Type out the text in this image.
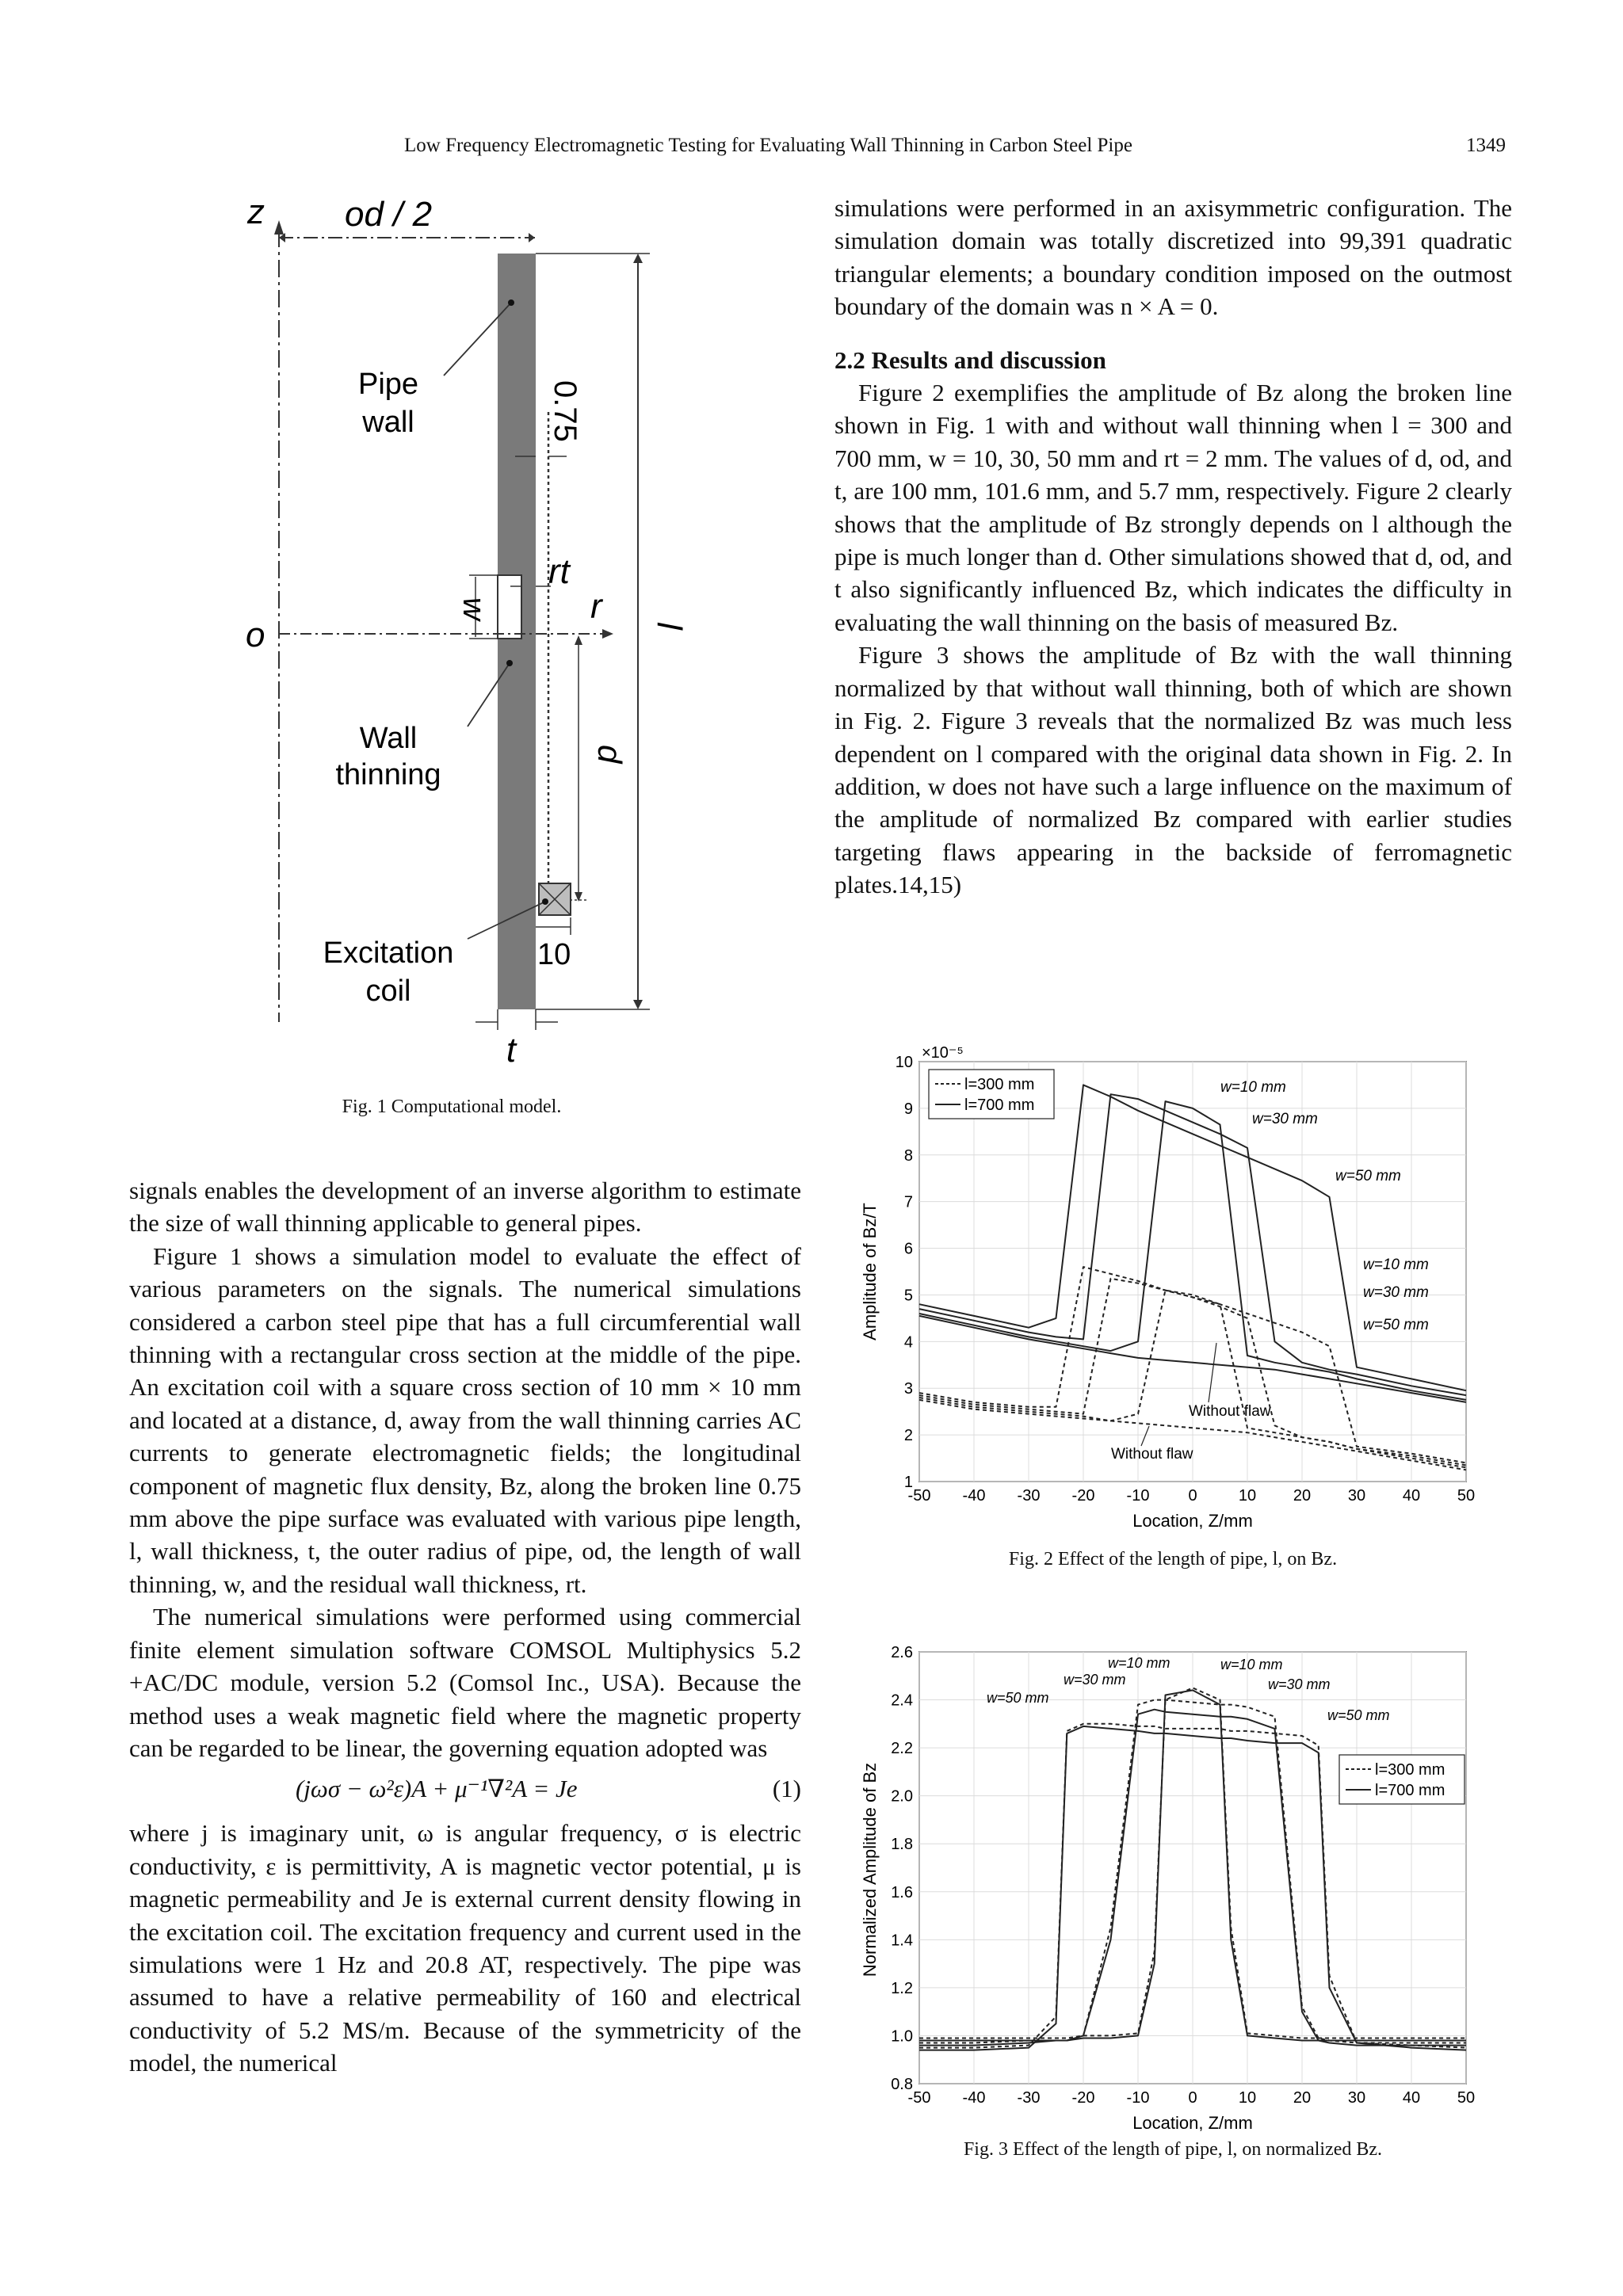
Low Frequency Electromagnetic Testing for Evaluating Wall Thinning in Carbon Steel Pipe	1349
z od / 2
Pipe
wall	0.75
rt
r
o	l
w
d
Wall
thinning
Excitation
coil
10
t
Fig. 1 Computational model.

signals enables the development of an inverse algorithm to estimate the size of wall thinning applicable to general pipes.

Figure 1 shows a simulation model to evaluate the effect of various parameters on the signals. The numerical simulations considered a carbon steel pipe that has a full circumferential wall thinning with a rectangular cross section at the middle of the pipe. An excitation coil with a square cross section of 10 mm × 10 mm and located at a distance, d, away from the wall thinning carries AC currents to generate electromagnetic fields; the longitudinal component of magnetic flux density, Bz, along the broken line 0.75 mm above the pipe surface was evaluated with various pipe length, l, wall thickness, t, the outer radius of pipe, od, the length of wall thinning, w, and the residual wall thickness, rt.

The numerical simulations were performed using commercial finite element simulation software COMSOL Multiphysics 5.2 +AC/DC module, version 5.2 (Comsol Inc., USA). Because the method uses a weak magnetic field where the magnetic property can be regarded to be linear, the governing equation adopted was

(jωσ − ω²ε)A + μ⁻¹∇²A = Je	(1)

where j is imaginary unit, ω is angular frequency, σ is electric conductivity, ε is permittivity, A is magnetic vector potential, μ is magnetic permeability and Je is external current density flowing in the excitation coil. The excitation frequency and current used in the simulations were 1 Hz and 20.8 AT, respectively. The pipe was assumed to have a relative permeability of 160 and electrical conductivity of 5.2 MS/m. Because of the symmetricity of the model, the numerical

simulations were performed in an axisymmetric configuration. The simulation domain was totally discretized into 99,391 quadratic triangular elements; a boundary condition imposed on the outmost boundary of the domain was n × A = 0.

2.2 Results and discussion

Figure 2 exemplifies the amplitude of Bz along the broken line shown in Fig. 1 with and without wall thinning when l = 300 and 700 mm, w = 10, 30, 50 mm and rt = 2 mm. The values of d, od, and t, are 100 mm, 101.6 mm, and 5.7 mm, respectively. Figure 2 clearly shows that the amplitude of Bz strongly depends on l although the pipe is much longer than d. Other simulations showed that d, od, and t also significantly influenced Bz, which indicates the difficulty in evaluating the wall thinning on the basis of measured Bz.

Figure 3 shows the amplitude of Bz with the wall thinning normalized by that without wall thinning, both of which are shown in Fig. 2. Figure 3 reveals that the normalized Bz was much less dependent on l compared with the original data shown in Fig. 2. In addition, w does not have such a large influence on the maximum of the amplitude of normalized Bz compared with earlier studies targeting flaws appearing in the backside of ferromagnetic plates.14,15)

-50 -40 -30 -20 -10 0	10 20 30 40 50
1
2
3
4
5
6
7
8
9
10
×10⁻⁵
Location, Z/mm
Amplitude of Bz/T
l=300 mm
l=700 mm
w=10 mm
w=30 mm
w=50 mm
w=10 mm
w=30 mm
w=50 mm
Without flaw
Without flaw
Fig. 2 Effect of the length of pipe, l, on Bz.
-50 -40 -30 -20 -10 0	10 20 30 40 50
0.8
1.0
1.2
1.4
1.6
1.8
2.0
2.2
2.4
2.6
Location, Z/mm
Normalized Amplitude of Bz	l=300 mm
l=700 mm
w=10 mm
w=30 mm
w=50 mm
w=10 mm
w=30 mm
w=50 mm
Fig. 3 Effect of the length of pipe, l, on normalized Bz.
